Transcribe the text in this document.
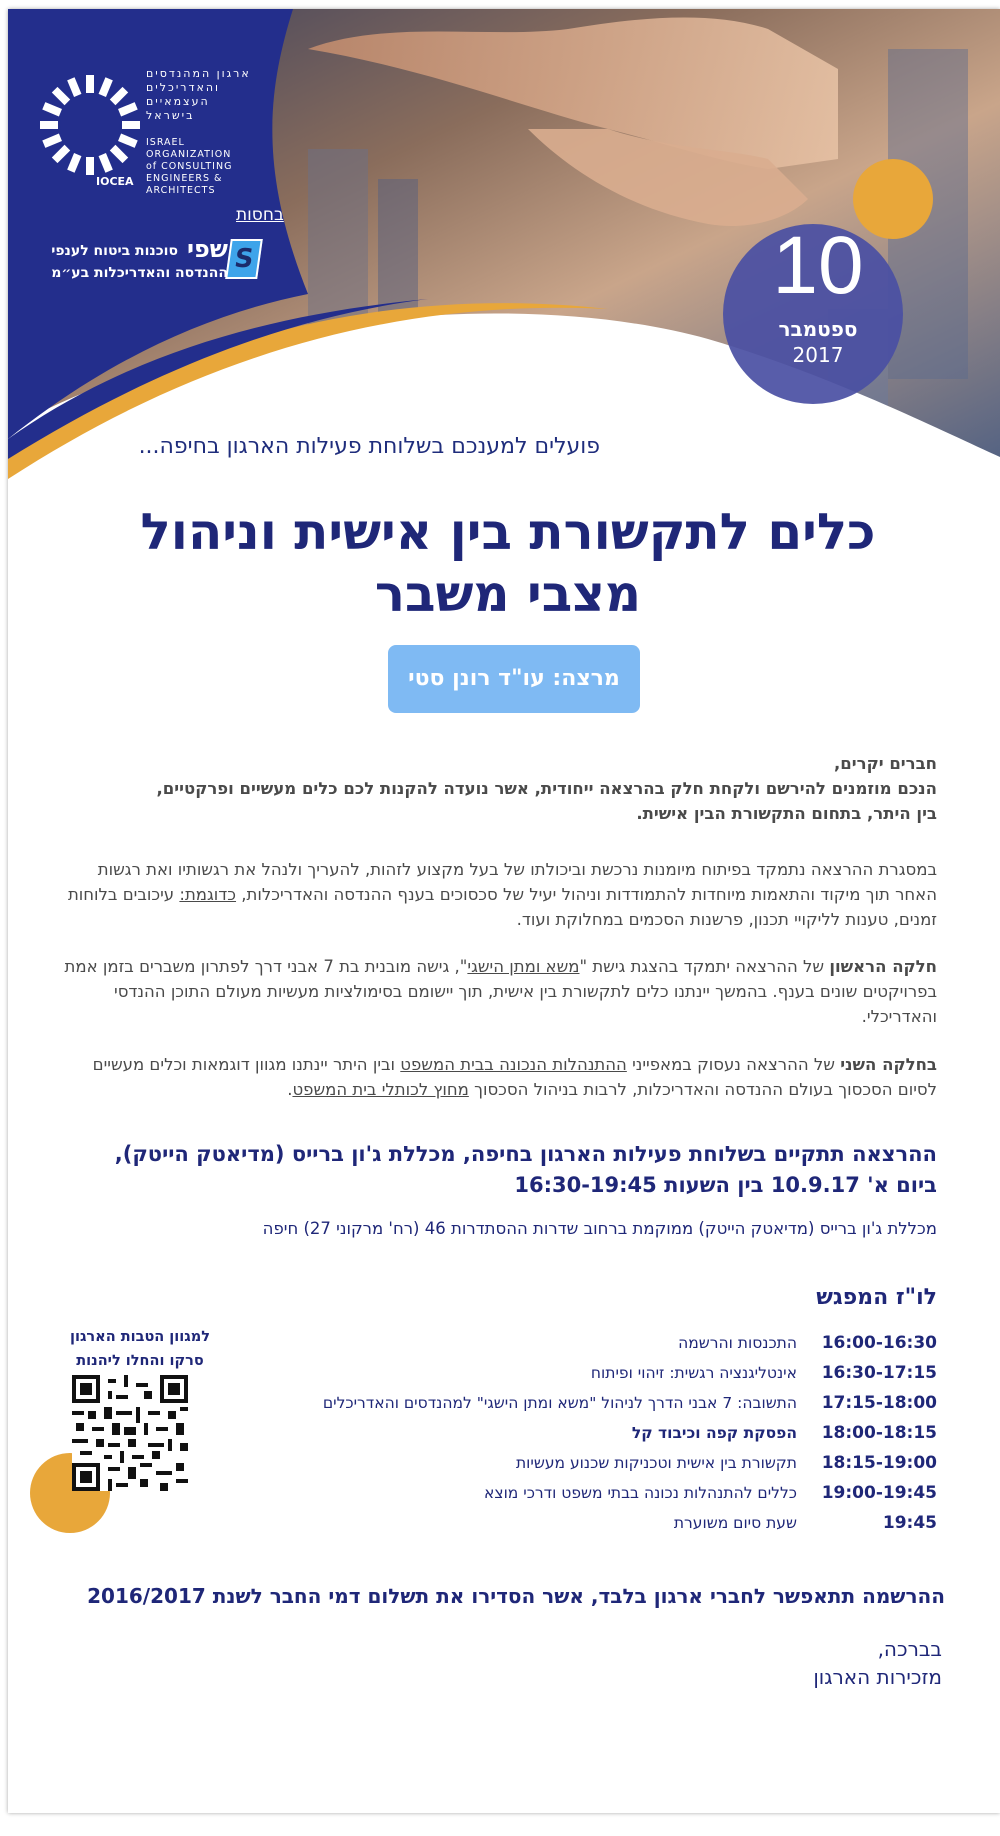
ארגון המהנדסים
והאדריכלים
העצמאיים
בישראל
ISRAEL
ORGANIZATION
of CONSULTING
ENGINEERS & ARCHITECTS
IOCEA
בחסות
S
שפי
סוכנות ביטוח לענפי
ההנדסה והאדריכלות בע״מ	10
ספטמבר
2017
פועלים למענכם בשלוחת פעילות הארגון בחיפה...
כלים לתקשורת בין אישית וניהול
מצבי משבר
מרצה: עו"ד רונן סטי
חברים יקרים,
הנכם מוזמנים להירשם ולקחת חלק בהרצאה ייחודית, אשר נועדה להקנות לכם כלים מעשיים ופרקטיים,
בין היתר, בתחום התקשורת הבין אישית.
במסגרת ההרצאה נתמקד בפיתוח מיומנות נרכשת וביכולתו של בעל מקצוע לזהות, להעריך ולנהל את רגשותיו ואת רגשות האחר תוך מיקוד והתאמות מיוחדות להתמודדות וניהול יעיל של סכסוכים בענף ההנדסה והאדריכלות, כדוגמת: עיכובים בלוחות זמנים, טענות לליקויי תכנון, פרשנות הסכמים במחלוקת ועוד.
חלקה הראשון של ההרצאה יתמקד בהצגת גישת "משא ומתן הישגי", גישה מובנית בת 7 אבני דרך לפתרון משברים בזמן אמת בפרויקטים שונים בענף. בהמשך יינתנו כלים לתקשורת בין אישית, תוך יישומם בסימולציות מעשיות מעולם התוכן ההנדסי והאדריכלי.
בחלקה השני של ההרצאה נעסוק במאפייני ההתנהלות הנכונה בבית המשפט ובין היתר יינתנו מגוון דוגמאות וכלים מעשיים לסיום הסכסוך בעולם ההנדסה והאדריכלות, לרבות בניהול הסכסוך מחוץ לכותלי בית המשפט.
ההרצאה תתקיים בשלוחת פעילות הארגון בחיפה, מכללת ג'ון ברייס (מדיאטק הייטק),
ביום א' 10.9.17 בין השעות 16:30-19:45
מכללת ג'ון ברייס (מדיאטק הייטק) ממוקמת ברחוב שדרות ההסתדרות 46 (רח' מרקוני 27) חיפה
לו"ז המפגש
16:00-16:30
התכנסות והרשמה
16:30-17:15
אינטליגנציה רגשית: זיהוי ופיתוח
17:15-18:00
התשובה: 7 אבני הדרך לניהול "משא ומתן הישגי" למהנדסים והאדריכלים
18:00-18:15
הפסקת קפה וכיבוד קל
18:15-19:00
תקשורת בין אישית וטכניקות שכנוע מעשיות
19:00-19:45
כללים להתנהלות נכונה בבתי משפט ודרכי מוצא
19:45
שעת סיום משוערת
למגוון הטבות הארגון
סרקו והחלו ליהנות
ההרשמה תתאפשר לחברי ארגון בלבד, אשר הסדירו את תשלום דמי החבר לשנת 2016/2017
בברכה,
מזכירות הארגון
